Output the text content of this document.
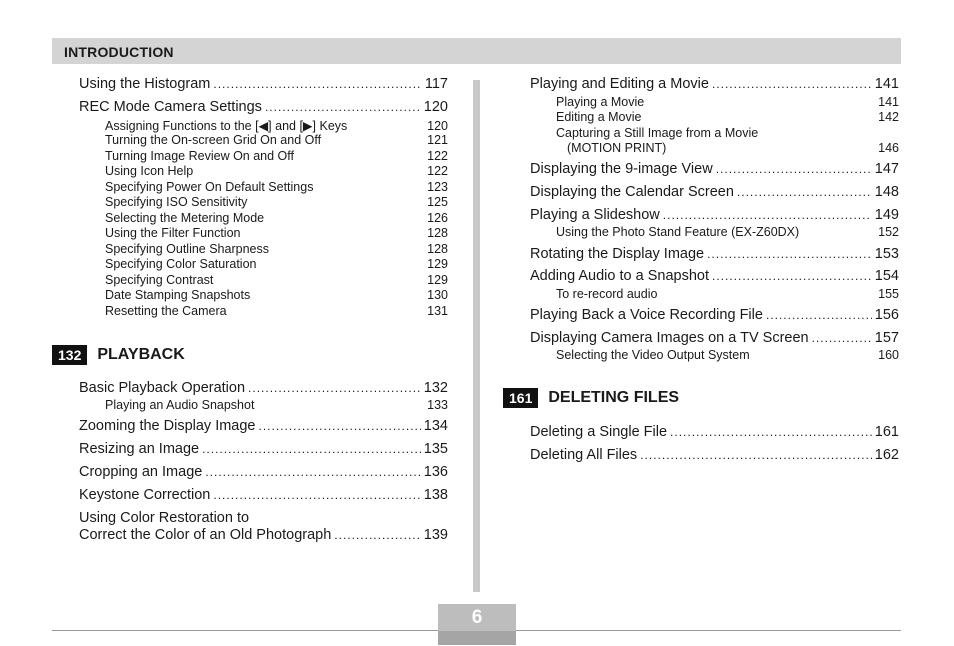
INTRODUCTION
Using the Histogram .....	117
REC Mode Camera Settings .....	120
Assigning Functions to the [◀] and [▶] Keys	120
Turning the On-screen Grid On and Off	121
Turning Image Review On and Off	122
Using Icon Help	122
Specifying Power On Default Settings	123
Specifying ISO Sensitivity	125
Selecting the Metering Mode	126
Using the Filter Function	128
Specifying Outline Sharpness	128
Specifying Color Saturation	129
Specifying Contrast	129
Date Stamping Snapshots	130
Resetting the Camera	131
Basic Playback Operation .....	132
Playing an Audio Snapshot	133
Zooming the Display Image .....	134
Resizing an Image .....	135
Cropping an Image .....	136
Keystone Correction .....	138
Using Color Restoration to
Correct the Color of an Old Photograph .....	139
132	PLAYBACK
Playing and Editing a Movie .....	141
Playing a Movie	141
Editing a Movie	142
Capturing a Still Image from a Movie
(MOTION PRINT)	146
Displaying the 9-image View .....	147
Displaying the Calendar Screen .....	148
Playing a Slideshow .....	149
Using the Photo Stand Feature (EX-Z60DX)	152
Rotating the Display Image .....	153
Adding Audio to a Snapshot .....	154
To re-record audio	155
Playing Back a Voice Recording File .....	156
Displaying Camera Images on a TV Screen .....	157
Selecting the Video Output System	160
Deleting a Single File .....	161
Deleting All Files .....	162
161	DELETING FILES
6
